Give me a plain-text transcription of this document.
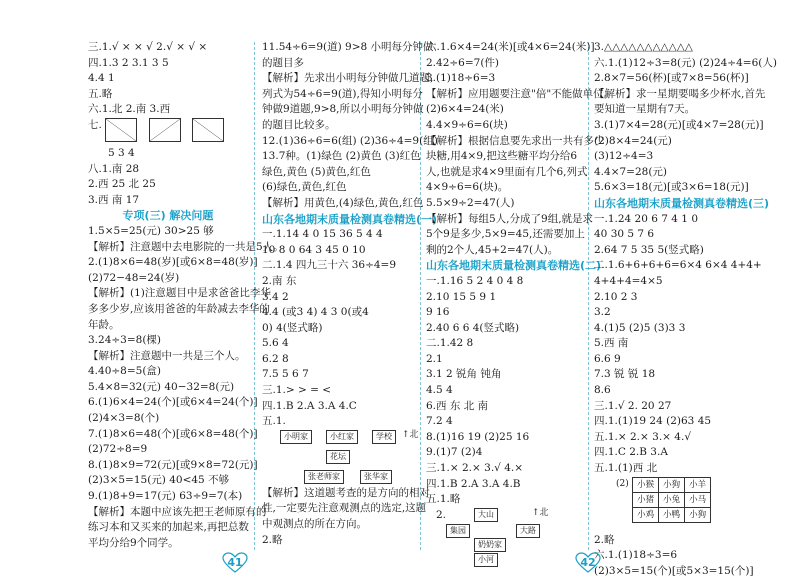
三.1.√ × × √ 2.√ × √ ×
四.1.3 2 3.1 3 5
4.4 1
五.略
六.1.北 2.南 3.西
七.
5 3 4
八.1.南 28
2.西 25 北 25
3.西 南 17
专项(三) 解决问题
1.5×5=25(元) 30>25 够
【解析】注意题中去电影院的一共是5人。
2.(1)8×6=48(岁)[或6×8=48(岁)]
(2)72−48=24(岁)
【解析】(1)注意题目中是求爸爸比李华
多多少岁,应该用爸爸的年龄减去李华的
年龄。
3.24÷3=8(棵)
【解析】注意题中一共是三个人。
4.40÷8=5(盒)
5.4×8=32(元) 40−32=8(元)
6.(1)6×4=24(个)[或6×4=24(个)]
(2)4×3=8(个)
7.(1)8×6=48(个)[或6×8=48(个)]
(2)72÷8=9
8.(1)8×9=72(元)[或9×8=72(元)]
(2)3×5=15(元) 40<45 不够
9.(1)8+9=17(元) 63÷9=7(本)
【解析】本题中应该先把王老师原有的
练习本和又买来的加起来,再把总数
平均分给9个同学。
11.54÷6=9(道) 9>8 小明每分钟做
的题目多
【解析】先求出小明每分钟做几道题,
列式为54÷6=9(道),得知小明每分
钟做9道题,9>8,所以小明每分钟做
的题目比较多。
12.(1)36÷6=6(组) (2)36÷4=9(组)
13.7种。(1)绿色 (2)黄色 (3)红色
绿色,黄色 (5)黄色,红色
(6)绿色,黄色,红色
【解析】用黄色,(4)绿色,黄色,红色
山东各地期末质量检测真卷精选(一)
一.1.14 4 0 15 36 5 4 4
10 8 0 64 3 45 0 10
二.1.4 四九三十六 36÷4=9
2.南 东
3.4 2
4.4 (或3 4) 4 3 0(或4
0) 4(竖式略)
5.6 4
6.2 8
7.5 5 6 7
三.1.> > = <
四.1.B 2.A 3.A 4.C
五.1.
小明家	小红家	学校
花坛
张老师家	张华家
↑北
【解析】这道题考查的是方向的相对
性,一定要先注意观测点的选定,这题
中观测点的所在方向。
2.略
六.1.6×4=24(米)[或4×6=24(米)]
2.42÷6=7(件)
3.(1)18÷6=3
【解析】应用题要注意"倍"不能做单位。
(2)6×4=24(米)
4.4×9÷6=6(块)
【解析】根据信息要先求出一共有多少
块糖,用4×9,把这些糖平均分给6
人,也就是求4×9里面有几个6,列式
4×9÷6=6(块)。
5.5×9÷2=47(人)
【解析】每组5人,分成了9组,就是求
5个9是多少,5×9=45,还需要加上
剩的2个人,45+2=47(人)。
山东各地期末质量检测真卷精选(二)
一.1.16 5 2 4 0 4 8
2.10 15 5 9 1
9 16
2.40 6 6 4(竖式略)
二.1.42 8
2.1
3.1 2 锐角 钝角
4.5 4
6.西 东 北 南
7.2 4
8.(1)16 19 (2)25 16
9.(1)7 (2)4
三.1.× 2.× 3.√ 4.×
四.1.B 2.A 3.A 4.B
五.1.略
2.	大山
集园
奶奶家
大路
小河
↑北
3.△△△△△△△△△△△
六.1.(1)12÷3=8(元) (2)24÷4=6(人)
2.8×7=56(杯)[或7×8=56(杯)]
【解析】求一星期要喝多少杯水,首先
要知道一星期有7天。
3.(1)7×4=28(元)[或4×7=28(元)]
(2)8×4=24(元)
(3)12÷4=3
4.4×7=28(元)
5.6×3=18(元)[或3×6=18(元)]
山东各地期末质量检测真卷精选(三)
一.1.24 20 6 7 4 1 0
40 30 5 7 6
2.64 7 5 35 5(竖式略)
二.1.6+6+6+6=6×4 6×4 4+4+
4+4+4=4×5
2.10 2 3
3.2
4.(1)5 (2)5 (3)3 3
5.西 南
6.6 9
7.3 锐 锐 18
8.6
三.1.√ 2. 20 27
四.1.(1)19 24 (2)63 45
五.1.× 2.× 3.× 4.√
四.1.C 2.B 3.A
五.1.(1)西 北
(2) 小猴	小狗	小羊
小猪	小兔	小马
小鸡	小鸭	小狗
2.略
六.1.(1)18÷3=6
(2)3×5=15(个)[或5×3=15(个)]
41	42
